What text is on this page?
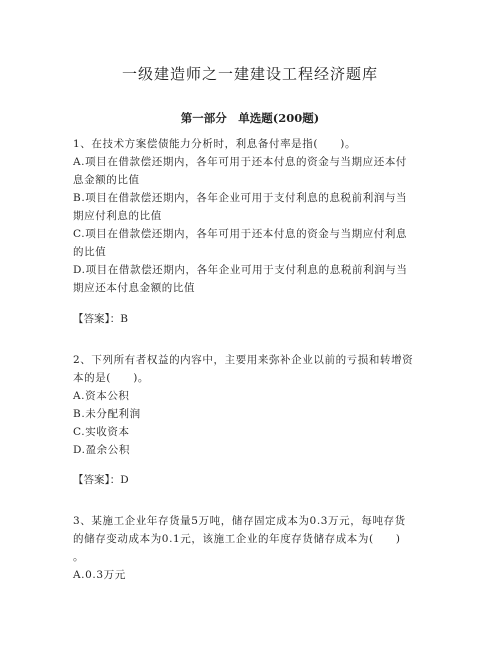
一级建造师之一建建设工程经济题库
第一部分　单选题(200题)
1、在技术方案偿债能力分析时，利息备付率是指(　　)。
A.项目在借款偿还期内，各年可用于还本付息的资金与当期应还本付
息金额的比值
B.项目在借款偿还期内，各年企业可用于支付利息的息税前利润与当
期应付利息的比值
C.项目在借款偿还期内，各年可用于还本付息的资金与当期应付利息
的比值
D.项目在借款偿还期内，各年企业可用于支付利息的息税前利润与当
期应还本付息金额的比值
【答案】：B
2、下列所有者权益的内容中，主要用来弥补企业以前的亏损和转增资
本的是(　　)。
A.资本公积
B.未分配利润
C.实收资本
D.盈余公积
【答案】：D
3、某施工企业年存货量5万吨，储存固定成本为0.3万元，每吨存货
的储存变动成本为0.1元，该施工企业的年度存货储存成本为(　　)
。
A.0.3万元
